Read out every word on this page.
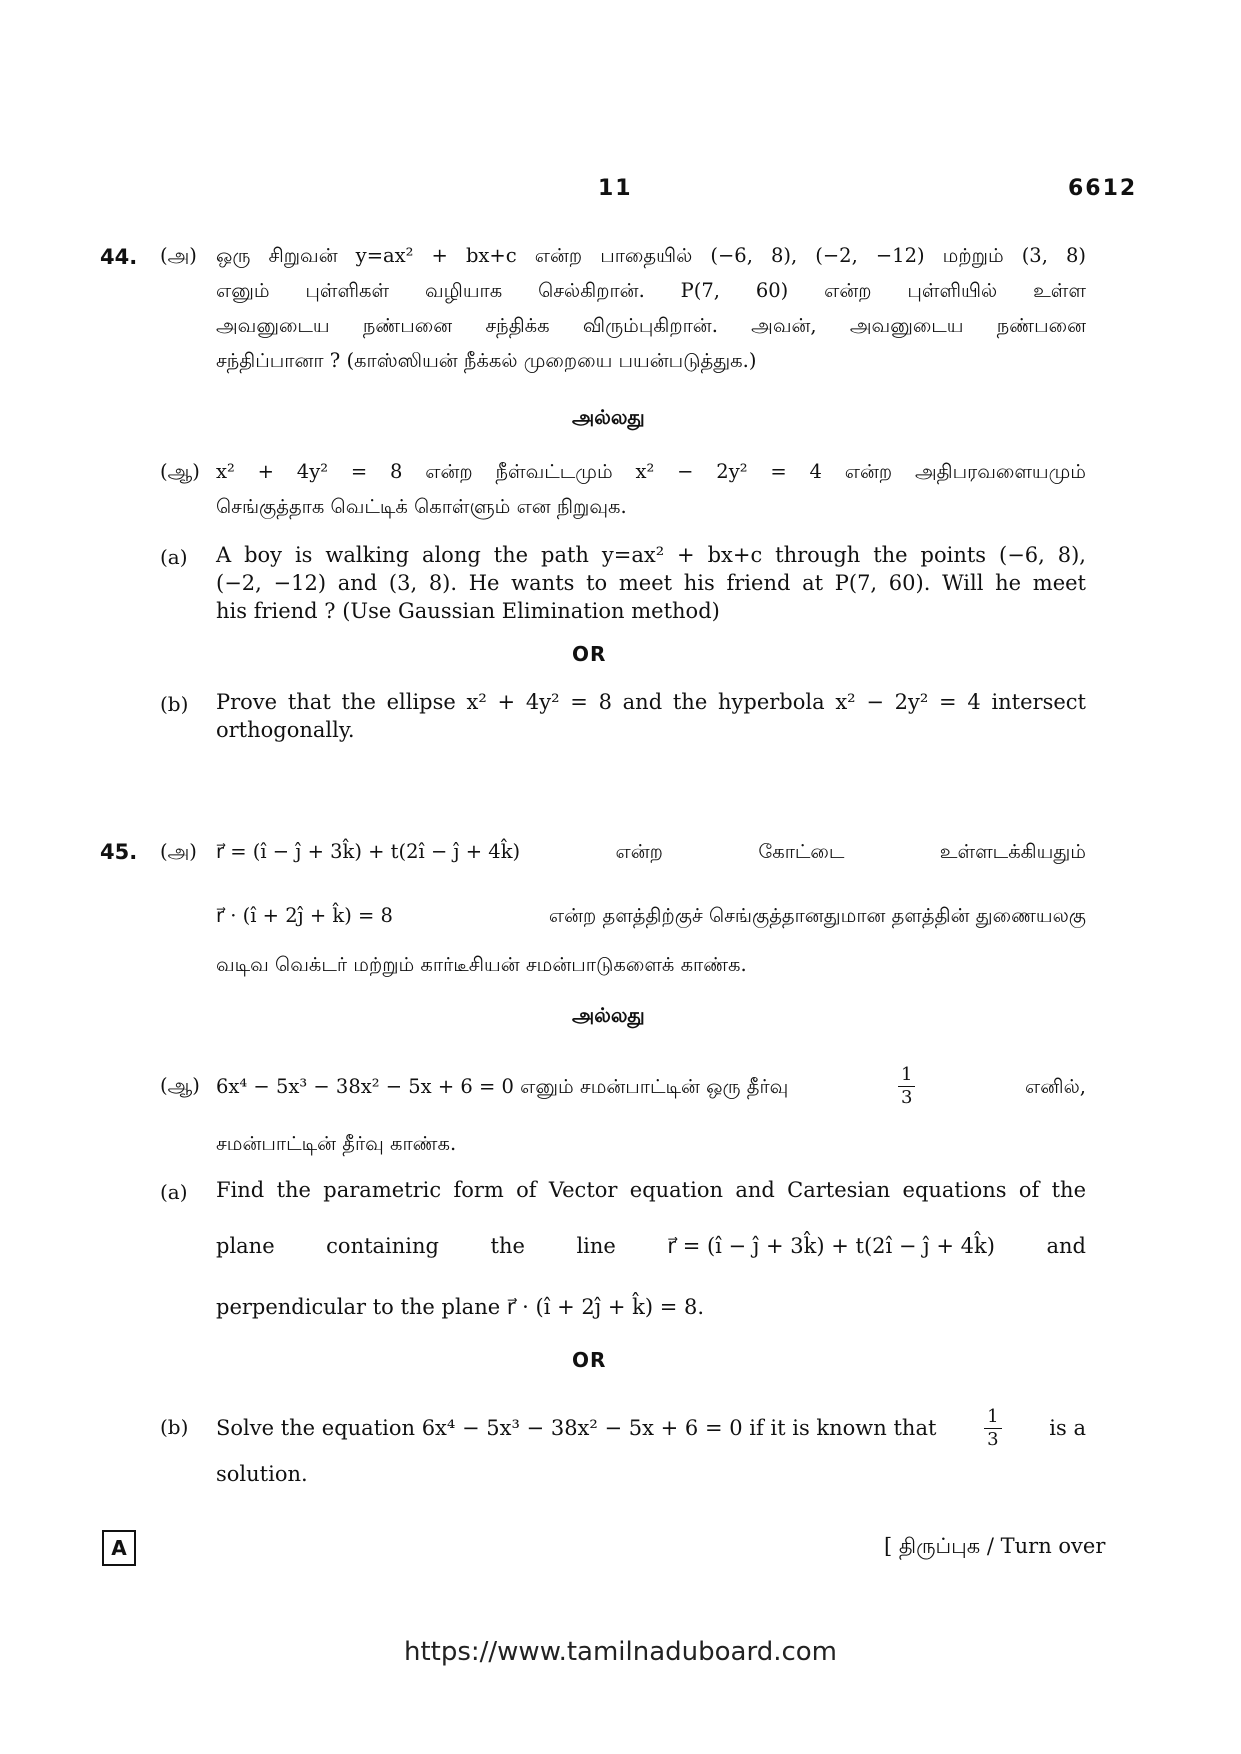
11	6612
44. (அ) ஒரு சிறுவன் y=ax² + bx+c என்ற பாதையில் (−6, 8), (−2, −12) மற்றும் (3, 8)
எனும் புள்ளிகள் வழியாக செல்கிறான். P(7, 60) என்ற புள்ளியில் உள்ள
அவனுடைய நண்பனை சந்திக்க விரும்புகிறான். அவன், அவனுடைய நண்பனை
சந்திப்பானா ? (காஸ்ஸியன் நீக்கல் முறையை பயன்படுத்துக.)
அல்லது
(ஆ) x² + 4y² = 8 என்ற நீள்வட்டமும் x² − 2y² = 4 என்ற அதிபரவளையமும்
செங்குத்தாக வெட்டிக் கொள்ளும் என நிறுவுக.
(a) A boy is walking along the path y=ax² + bx+c through the points (−6, 8),
(−2, −12) and (3, 8). He wants to meet his friend at P(7, 60). Will he meet
his friend ? (Use Gaussian Elimination method)
OR
(b) Prove that the ellipse x² + 4y² = 8 and the hyperbola x² − 2y² = 4 intersect
orthogonally.
45. (அ) r⃗ = (î − ĵ + 3k̂) + t(2î − ĵ + 4k̂)	என்ற	கோட்டை	உள்ளடக்கியதும்
r⃗ · (î + 2ĵ + k̂) = 8	என்ற தளத்திற்குச் செங்குத்தானதுமான தளத்தின் துணையலகு
வடிவ வெக்டர் மற்றும் கார்டீசியன் சமன்பாடுகளைக் காண்க.
அல்லது
(ஆ) 6x⁴ − 5x³ − 38x² − 5x + 6 = 0 எனும் சமன்பாட்டின் ஒரு தீர்வு	$\frac{1}{3}$	எனில்,
சமன்பாட்டின் தீர்வு காண்க.
(a) Find the parametric form of Vector equation and Cartesian equations of the
plane containing the line r⃗ = (î − ĵ + 3k̂) + t(2î − ĵ + 4k̂) and
perpendicular to the plane r⃗ · (î + 2ĵ + k̂) = 8.
OR
(b) Solve the equation 6x⁴ − 5x³ − 38x² − 5x + 6 = 0 if it is known that	$\frac{1}{3}$ is a
solution.
A	[ திருப்புக / Turn over
https://www.tamilnaduboard.com
